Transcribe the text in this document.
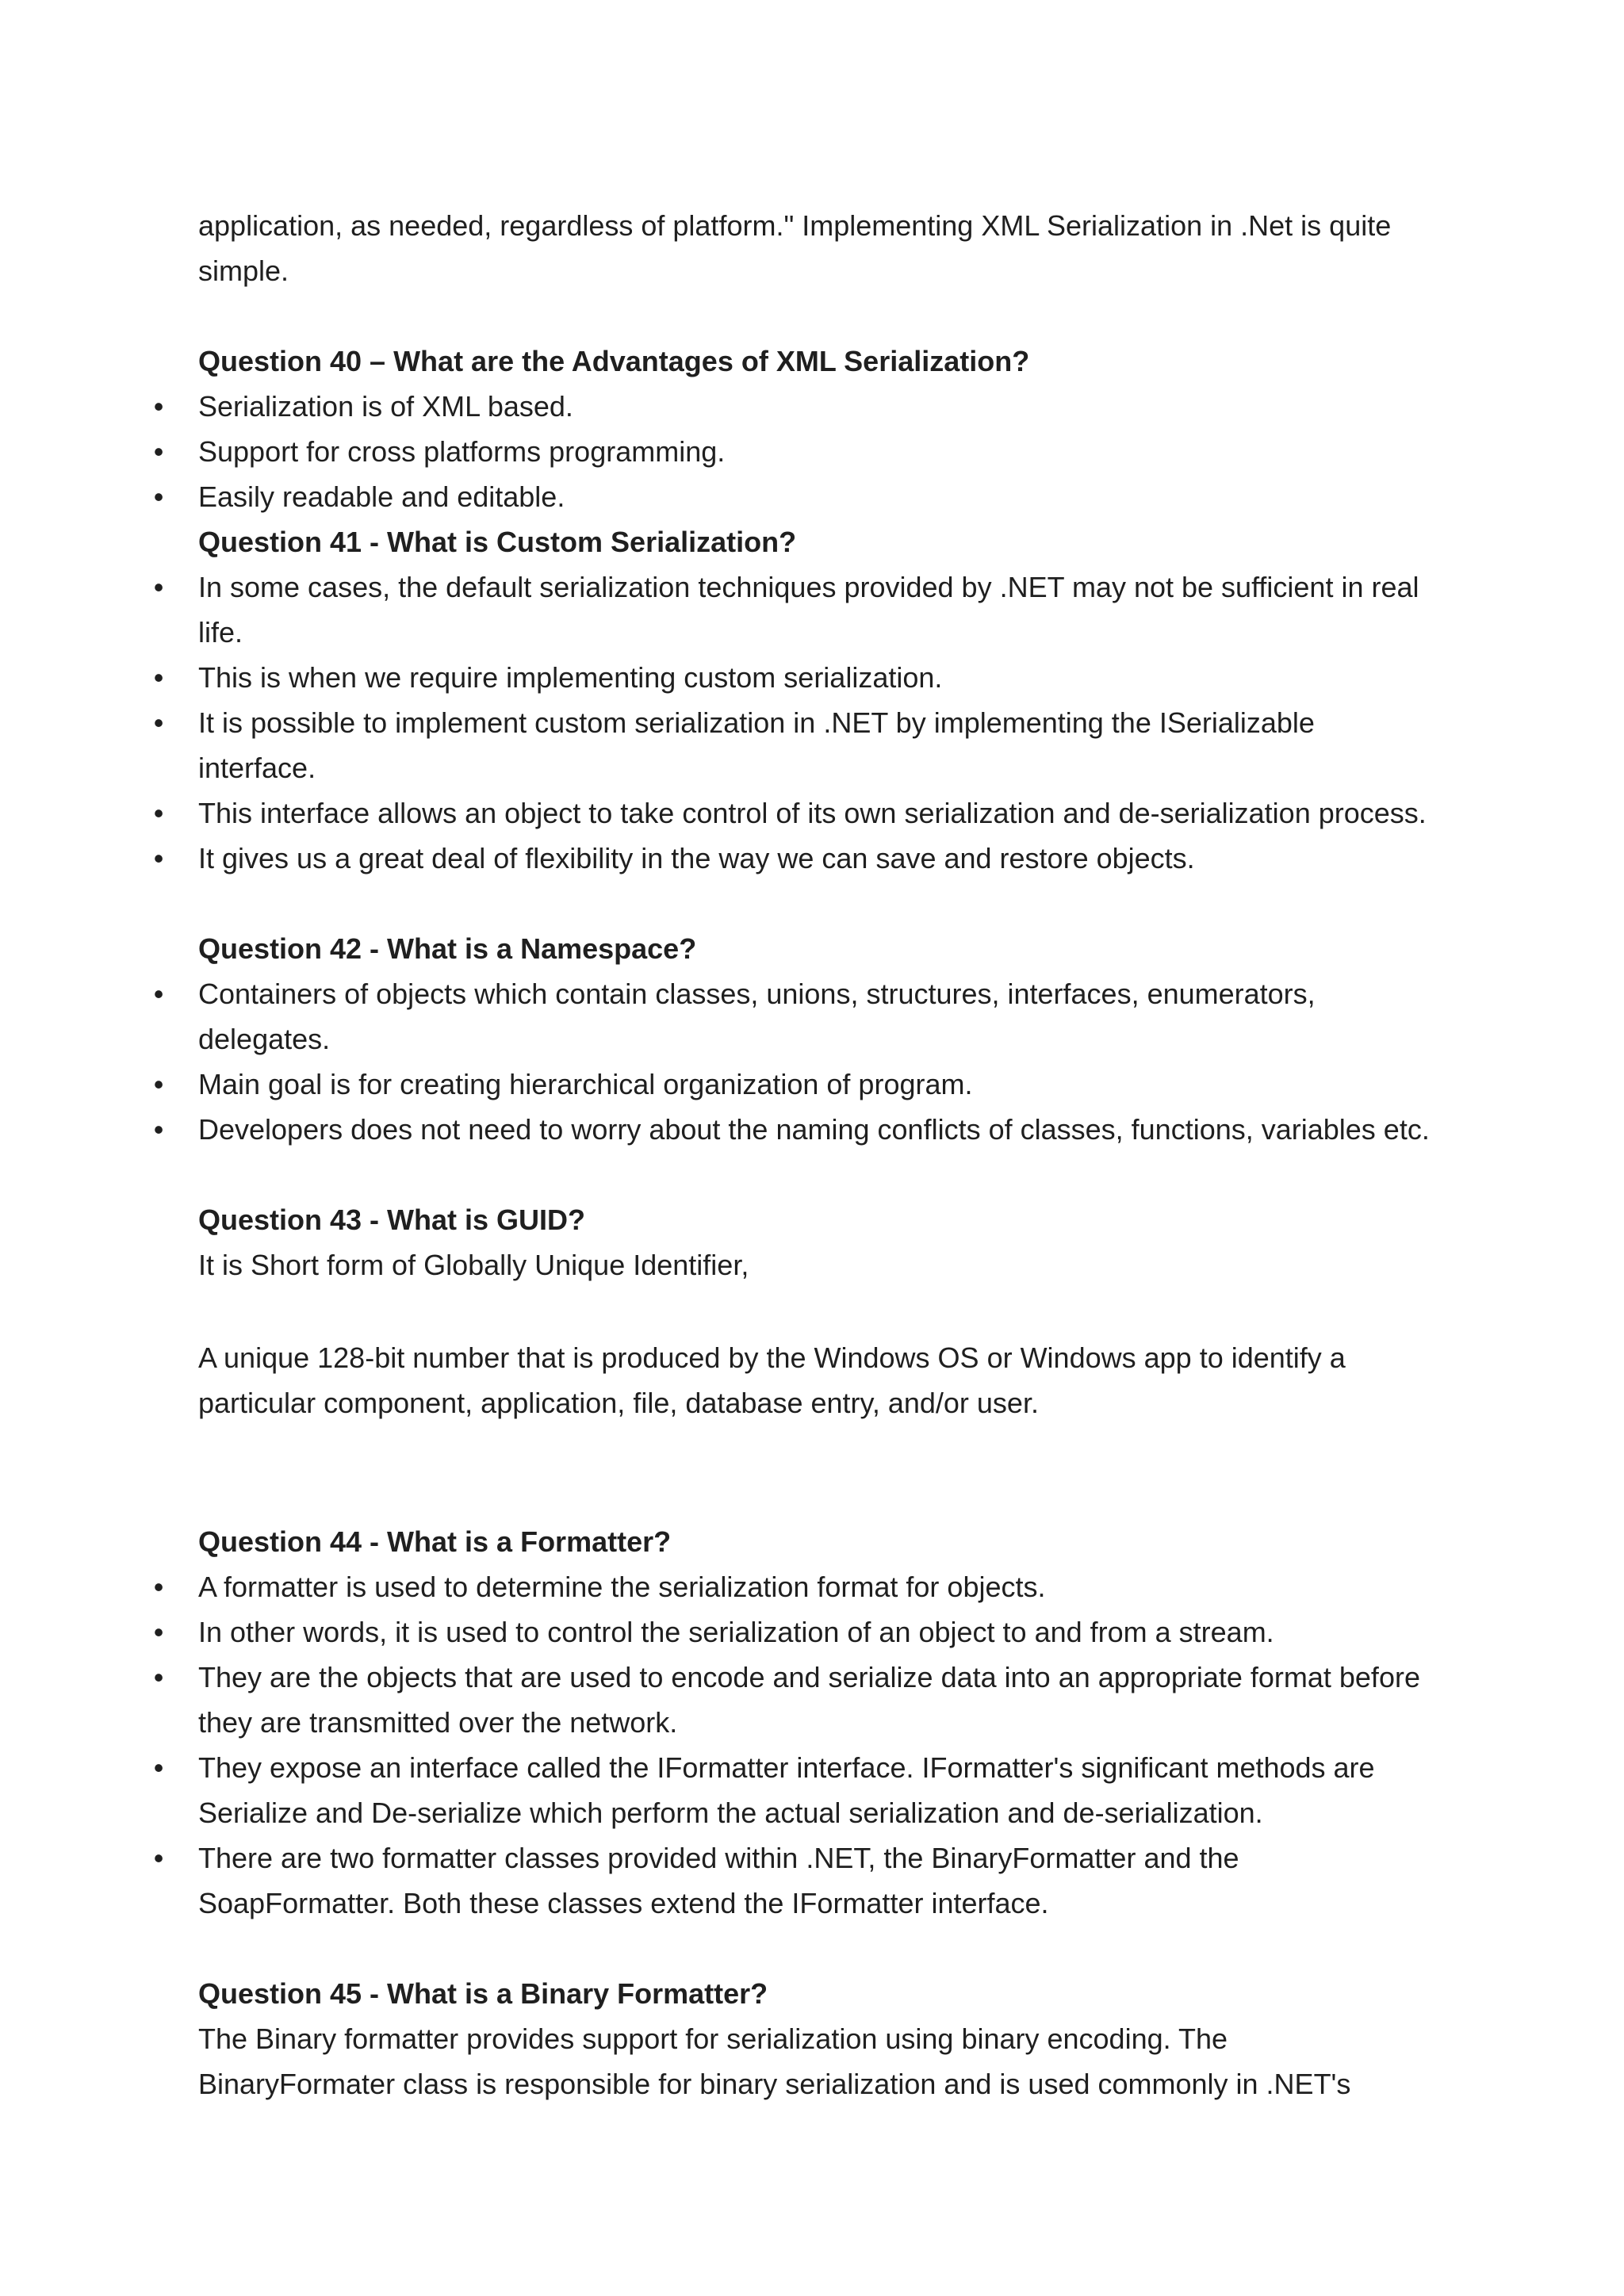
application, as needed, regardless of platform." Implementing XML Serialization in .Net is quite

simple.

Question 40 – What are the Advantages of XML Serialization?

• Serialization is of XML based.
• Support for cross platforms programming.
• Easily readable and editable.

Question 41 - What is Custom Serialization?

• In some cases, the default serialization techniques provided by .NET may not be sufficient in real

life.

• This is when we require implementing custom serialization.

• It is possible to implement custom serialization in .NET by implementing the ISerializable

interface.

• This interface allows an object to take control of its own serialization and de-serialization process.

• It gives us a great deal of flexibility in the way we can save and restore objects.

Question 42 - What is a Namespace?

• Containers of objects which contain classes, unions, structures, interfaces, enumerators,

delegates.

• Main goal is for creating hierarchical organization of program.

• Developers does not need to worry about the naming conflicts of classes, functions, variables etc.

Question 43 - What is GUID?

It is Short form of Globally Unique Identifier,

A unique 128-bit number that is produced by the Windows OS or Windows app to identify a

particular component, application, file, database entry, and/or user.

Question 44 - What is a Formatter?

• A formatter is used to determine the serialization format for objects.

• In other words, it is used to control the serialization of an object to and from a stream.

• They are the objects that are used to encode and serialize data into an appropriate format before

they are transmitted over the network.

• They expose an interface called the IFormatter interface. IFormatter's significant methods are

Serialize and De-serialize which perform the actual serialization and de-serialization.

• There are two formatter classes provided within .NET, the BinaryFormatter and the

SoapFormatter. Both these classes extend the IFormatter interface.

Question 45 - What is a Binary Formatter?

The Binary formatter provides support for serialization using binary encoding. The

BinaryFormater class is responsible for binary serialization and is used commonly in .NET's
